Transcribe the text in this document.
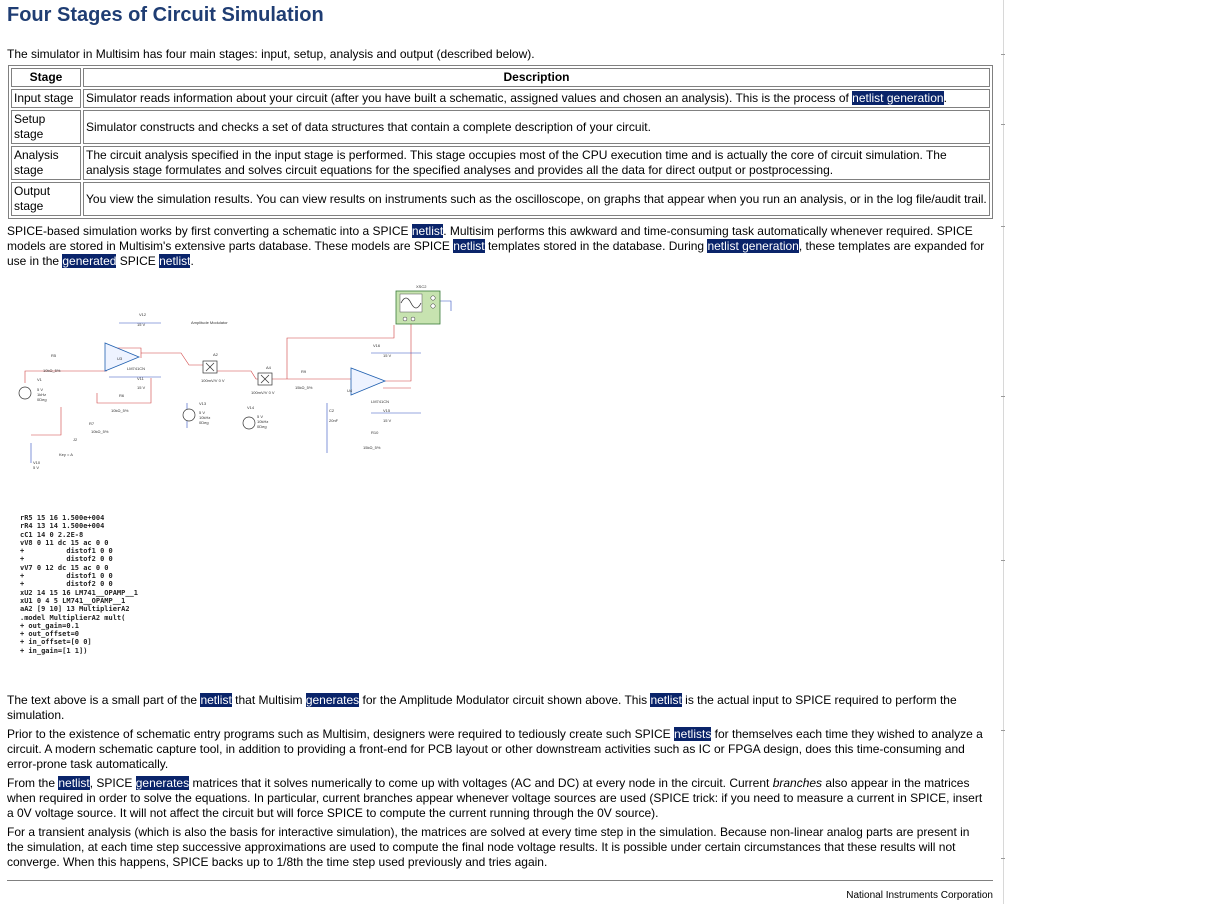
Four Stages of Circuit Simulation

The simulator in Multisim has four main stages: input, setup, analysis and output (described below).

Stage	Description
Input stage	Simulator reads information about your circuit (after you have built a schematic, assigned values and chosen an analysis). This is the process of netlist generation.
Setup stage	Simulator constructs and checks a set of data structures that contain a complete description of your circuit.
Analysis stage	The circuit analysis specified in the input stage is performed. This stage occupies most of the CPU execution time and is actually the core of circuit simulation. The analysis stage formulates and solves circuit equations for the specified analyses and provides all the data for direct output or postprocessing.
Output stage	You view the simulation results. You can view results on instruments such as the oscilloscope, on graphs that appear when you run an analysis, or in the log file/audit trail.

SPICE-based simulation works by first converting a schematic into a SPICE netlist. Multisim performs this awkward and time-consuming task automatically whenever required. SPICE models are stored in Multisim's extensive parts database. These models are SPICE netlist templates stored in the database. During netlist generation, these templates are expanded for use in the generated SPICE netlist.

XSC2
Amplitude Modulator
V12
15 V
V11
15 V
U3
LM741CN
R5
10kΩ_5%
V1
5 V
1kHz
0Deg
R6
10kΩ_5%
R7
10kΩ_5%
J2
Key = A
V10
5 V
A2
100mV/V 0 V
A4
100mV/V 0 V
V13
5 V
10kHz
0Deg
V14
5 V
10kHz
0Deg
R9
15kΩ_5%
C2
20nF
U4
LM741CN
V16
15 V
V15
15 V
R10
15kΩ_5%
rR5 15 16 1.500e+004
rR4 13 14 1.500e+004
cC1 14 0 2.2E-8
vV8 0 11 dc 15 ac 0 0
+          distof1 0 0
+          distof2 0 0
vV7 0 12 dc 15 ac 0 0
+          distof1 0 0
+          distof2 0 0
xU2 14 15 16 LM741__OPAMP__1
xU1 0 4 5 LM741__OPAMP__1
aA2 [9 10] 13 MultiplierA2
.model MultiplierA2 mult(
+ out_gain=0.1
+ out_offset=0
+ in_offset=[0 0]
+ in_gain=[1 1])

The text above is a small part of the netlist that Multisim generates for the Amplitude Modulator circuit shown above. This netlist is the actual input to SPICE required to perform the simulation.

Prior to the existence of schematic entry programs such as Multisim, designers were required to tediously create such SPICE netlists for themselves each time they wished to analyze a circuit. A modern schematic capture tool, in addition to providing a front-end for PCB layout or other downstream activities such as IC or FPGA design, does this time-consuming and error-prone task automatically.

From the netlist, SPICE generates matrices that it solves numerically to come up with voltages (AC and DC) at every node in the circuit. Current branches also appear in the matrices when required in order to solve the equations. In particular, current branches appear whenever voltage sources are used (SPICE trick: if you need to measure a current in SPICE, insert a 0V voltage source. It will not affect the circuit but will force SPICE to compute the current running through the 0V source).

For a transient analysis (which is also the basis for interactive simulation), the matrices are solved at every time step in the simulation. Because non-linear analog parts are present in the simulation, at each time step successive approximations are used to compute the final node voltage results. It is possible under certain circumstances that these results will not converge. When this happens, SPICE backs up to 1/8th the time step used previously and tries again.

National Instruments Corporation
